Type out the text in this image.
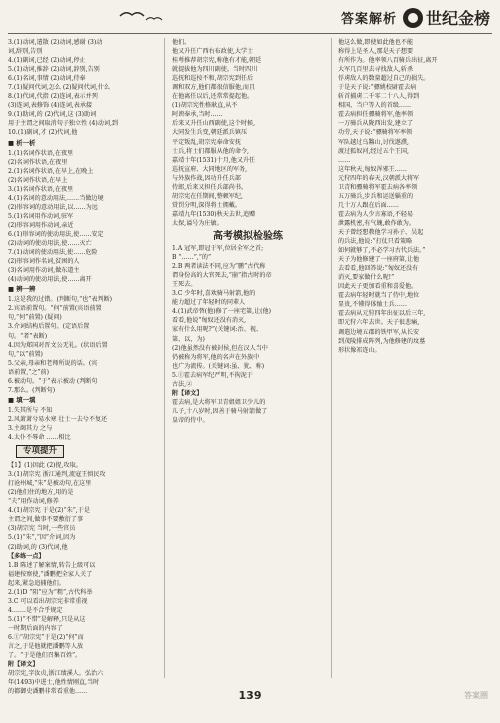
答案解析 世纪金榜
3.(1)动词,遣散 (2)动词,感谢 (3)动
词,辞别,告别
4.(1)副词,已经 (2)动词,停止
5.(1)动词,推辞 (2)动词,辞别,告别
6.(1)名词,事情 (2)动词,侍奉
7.(1)疑问代词,怎么 (2)疑问代词,什么
8.(1)代词,代指 (2)连词,表示并列
(3)连词,表修饰 (4)连词,表承接
9.(1)助词,的 (2)代词,这 (3)助词
用于主谓之间取消句子独立性 (4)动词,到
10.(1)副词,才 (2)代词,他
■ 析一析
1.(1)名词作状语,在夜里
(2)名词作状语,在夜里
2.(1)名词作状语,在早上,在晚上
(2)名词作状语,在早上
3.(1)名词作状语,在夜里
4.(1)名词的意动用法,……当做边境
(2)形容词的意动用法,以……为远
5.(1)名词用作动词,驻军
(2)形容词用作动词,亲近
6.(1)形容词的使动用法,使……安定
(2)动词的使动用法,使……灭亡
7.(1)动词的使动用法,使……危险
(2)形容词作名词,贫困的人
(3)名词用作动词,做东道主
(4)动词的使动用法,使……离开
■ 辨一辨
1.这是我的过错。(判断句,“也”表判断)
2.宾语前置句。“何”前置(宾语前置
句,“何”前置) (疑问)
3.介词结构后置句。(定语后置
句。“者”表断)
4.因为郑国对晋文公无礼。(状语后置
句,“以”前置)
5.父亲,母亲和老师所说的话。(宾
语前置,“之”前)
6.被动句。“于”表示被动 (判断句
7.那么。(判断句)
■ 填一填
1.失其所与 不知
2.风萧萧兮易水寒 壮士一去兮不复还
3.主竭其力 之与
4.太仆不辱命 ……相比
专项提升
【1】(1)因此 (2)捉,攻取。
3.(1)胡宗宪 浙江通判,流寇王慎民攻
打沧州城,“朱”是被动句,在这里
(2)他们住的地方,用的是
“夫”用作动词,修养
4.(1)胡宗宪 于是(2)“朱”,于是
主谓之间,做事不要敷衍了事
(3)胡宗宪 当时,一些官员
5.(1)“朱”,“因”介词,因为
(2)助词,的 (3)代词,他
【多练一点】
1.B 陈述了解案情,转告上级可以
福建按察使,“潘鹏把全家人关了
起来,紧急追捕他们。
2.(1)D “阻”应为“粗”,古代科举
3.C 可以看出胡宗宪非常重视
4.……是不合乎规定
5.(1)“不惜”是解释,只是从这
一时期后面的内容了
6.①“胡宗宪”于是(2)“何”而
言之,于是他就把潘鹏等人放
了。“于是他们召集百姓”。
附【译文】
胡宗宪,字汝贞,浙江绩溪人。弘治六
年(1493)中进士,他性情刚直,当时
的都御史潘鹏非常看重他……
他们。
他又升任广西右布政使,大学士
桂萼推荐胡宗宪,称他有才能,朝廷
就提拔他为四川副使。当时四川
巡抚和巡按不和,胡宗宪到任后
调和双方,他们都很信服他,而且
在他离任以后,还常常提起他。
(1)胡宗宪性格耿直,从不
阿谀奉承,当时……
后来又升任山西副使,这个时候,
大同发生兵变,朝廷派兵镇压
平定叛乱,胡宗宪奉命安抚
士兵,将士们都服从他的命令,
嘉靖十年(1531)十月,他又升任
巡抚宣府、大同地区的军务,
与外族作战,因功升任兵部
侍郎,后来又担任兵部尚书。
胡宗宪在任期间,整顿军纪,
赏罚分明,深得将士拥戴。
嘉靖九年(1530)秋天去世,追赠
太保,谥号为庄敏。
高考模拟检验练
1.A 冠军,即冠于军,位居全军之首;
B “……”,“的”
2.B 两者读法不同,应为“鹏”古代称
谓身份高的大官死去,“崩”指古时的帝
王死去。
3.C 少年时,喜欢骑马射箭,他的
能力超过了年轻时的同辈人
4.(1)武帝替(他)修了一座宅第,让(他)
看看,他说“匈奴还没有消灭,
家有什么用呢?”(关键词:治、视、
第、以、为)
(2)他虽然没有被封侯,但在汉人当中
仍被称为将军,他的名声在外族中
也广为流传。(关键词:虽、犹、称)
5.①霍去病军纪严明,不拘泥于
古法,②
附【译文】
霍去病,是大将军卫青姐姐卫少儿的
儿子,十八岁时,因善于骑马射箭做了
皇帝的侍中。
他这么做,即使如此他也不能
称得上是圣人,那是天子想要
有所作为。他率领八百骑兵出征,离开
大军几百里去寻找敌人,斩杀
俘虏敌人的数量超过自己的损失。
于是天子说:“骠姚校尉霍去病
斩首捕虏二千零二十八人,得到
相国、当户等人的首级……
霍去病担任骠骑将军,他率领
一万骑兵从陇西出发,建立了
功劳,天子说:“骠骑将军率领
军队越过乌盭山,讨伐遨濮,
渡过狐奴河,经过五个王国,
……
这年秋天,匈奴浑邪王……
元狩四年的春天,汉朝派大将军
卫青和骠骑将军霍去病各率领
五万骑兵,步兵和运送辎重的
几十万人跟在后面……
霍去病为人少言寡语,不轻易
泄露机密,有气魄,敢作敢为。
天子曾经想教他学习孙子、吴起
的兵法,他说:“打仗只看策略
如何就够了,不必学习古代兵法。”
天子为他修建了一座府第,让他
去看看,他回答说:“匈奴还没有
消灭,要家做什么呢!”
因此天子更加看重和喜爱他。
霍去病年轻时就当了侍中,地位
显贵,不懂得体恤士兵……
霍去病从元狩四年出征以后三年,
即元狩六年去世。天子很悲痛,
调遣边境五郡的铁甲军,从长安
到茂陵排成阵列,为他修建的坟墓
形状像祁连山。
139	答案圈
